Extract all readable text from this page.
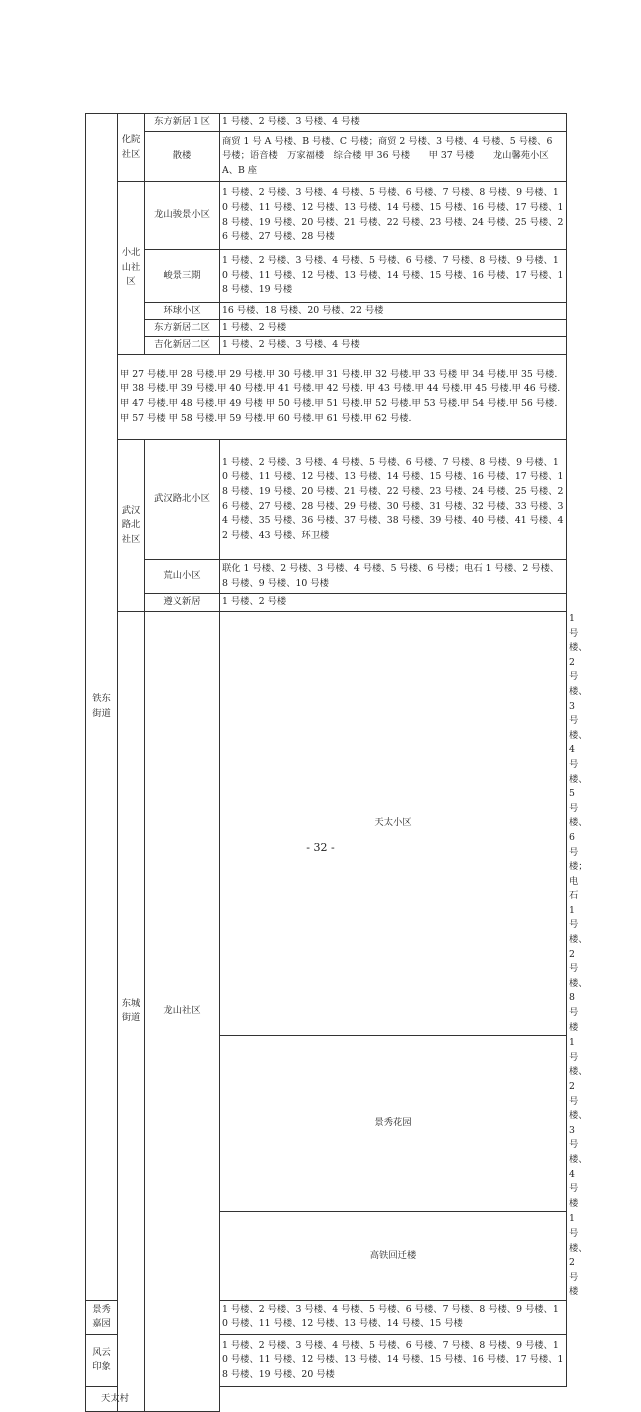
铁东街道	化院社区	东方新居１区	1 号楼、2 号楼、3 号楼、4 号楼	
		散楼	商贸 1 号 A 号楼、B 号楼、C 号楼；商贸 2 号楼、3 号楼、4 号楼、5 号楼、6 号楼；语音楼　万家福楼　综合楼 甲 36 号楼　　甲 37 号楼　　龙山馨苑小区 A、B 座	
	小北山社区	龙山骏景小区	1 号楼、2 号楼、3 号楼、4 号楼、5 号楼、6 号楼、7 号楼、8 号楼、9 号楼、10 号楼、11 号楼、12 号楼、13 号楼、14 号楼、15 号楼、16 号楼、17 号楼、18 号楼、19 号楼、20 号楼、21 号楼、22 号楼、23 号楼、24 号楼、25 号楼、26 号楼、27 号楼、28 号楼	
		峻景三期	1 号楼、2 号楼、3 号楼、4 号楼、5 号楼、6 号楼、7 号楼、8 号楼、9 号楼、10 号楼、11 号楼、12 号楼、13 号楼、14 号楼、15 号楼、16 号楼、17 号楼、18 号楼、19 号楼	
		环球小区	16 号楼、18 号楼、20 号楼、22 号楼	
		东方新居二区	1 号楼、2 号楼	
		吉化新居二区	1 号楼、2 号楼、3 号楼、4 号楼	
	甲 27 号楼.甲 28 号楼.甲 29 号楼.甲 30 号楼.甲 31 号楼.甲 32 号楼.甲 33 号楼 甲 34 号楼.甲 35 号楼.甲 38 号楼.甲 39 号楼.甲 40 号楼.甲 41 号楼.甲 42 号楼. 甲 43 号楼.甲 44 号楼.甲 45 号楼.甲 46 号楼.甲 47 号楼.甲 48 号楼.甲 49 号楼 甲 50 号楼.甲 51 号楼.甲 52 号楼.甲 53 号楼.甲 54 号楼.甲 56 号楼.甲 57 号楼 甲 58 号楼.甲 59 号楼.甲 60 号楼.甲 61 号楼.甲 62 号楼.			
	武汉路北社区	武汉路北小区	1 号楼、2 号楼、3 号楼、4 号楼、5 号楼、6 号楼、7 号楼、8 号楼、9 号楼、10 号楼、11 号楼、12 号楼、13 号楼、14 号楼、15 号楼、16 号楼、17 号楼、18 号楼、19 号楼、20 号楼、21 号楼、22 号楼、23 号楼、24 号楼、25 号楼、26 号楼、27 号楼、28 号楼、29 号楼、30 号楼、31 号楼、32 号楼、33 号楼、34 号楼、35 号楼、36 号楼、37 号楼、38 号楼、39 号楼、40 号楼、41 号楼、42 号楼、43 号楼、环卫楼	
		荒山小区	联化 1 号楼、2 号楼、3 号楼、4 号楼、5 号楼、6 号楼；电石 1 号楼、2 号楼、8 号楼、9 号楼、10 号楼	
		遵义新居	1 号楼、2 号楼	
	东城街道	龙山社区	天太小区	1 号楼、2 号楼、3 号楼、4 号楼、5 号楼、6 号楼；电石 1 号楼、2 号楼、8 号楼
			景秀花园	1 号楼、2 号楼、3 号楼、4 号楼
			高铁回迁楼	1 号楼、2 号楼
景秀嘉园			1 号楼、2 号楼、3 号楼、4 号楼、5 号楼、6 号楼、7 号楼、8 号楼、9 号楼、10 号楼、11 号楼、12 号楼、13 号楼、14 号楼、15 号楼	
风云印象			1 号楼、2 号楼、3 号楼、4 号楼、5 号楼、6 号楼、7 号楼、8 号楼、9 号楼、10 号楼、11 号楼、12 号楼、13 号楼、14 号楼、15 号楼、16 号楼、17 号楼、18 号楼、19 号楼、20 号楼	
天太村				
- 32 -
